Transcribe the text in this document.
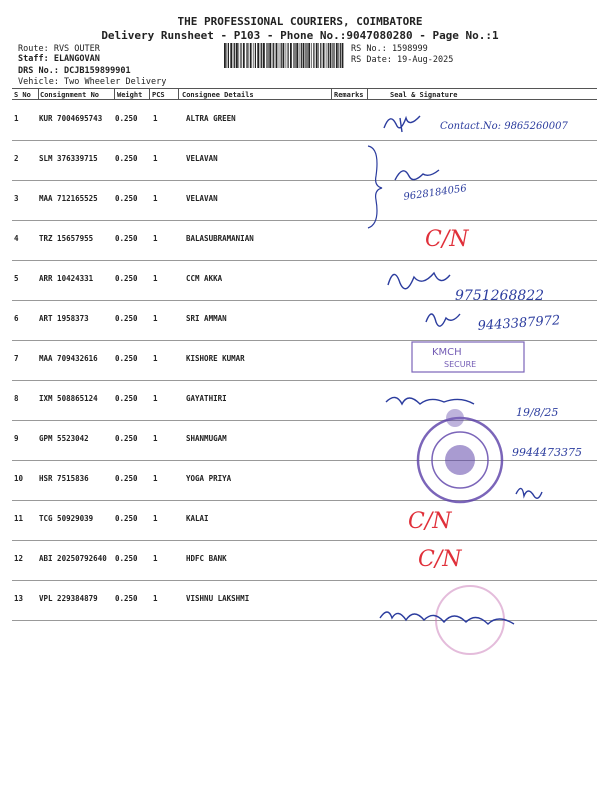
THE PROFESSIONAL COURIERS, COIMBATORE
Delivery Runsheet - P103 - Phone No.:9047080280 - Page No.:1
Route: RVS OUTER
Staff: ELANGOVAN
DRS No.: DCJB159899901
Vehicle: Two Wheeler Delivery
RS No.: 1598999
RS Date: 19-Aug-2025
S No Consignment No	Weight PCS Consignee Details	Remarks	Seal & Signature
1	KUR 7004695743 0.250 1	ALTRA GREEN
2	SLM 376339715 0.250 1	VELAVAN
3	MAA 712165525 0.250 1	VELAVAN
4	TRZ 15657955	0.250 1	BALASUBRAMANIAN
5	ARR 10424331	0.250 1	CCM AKKA
6	ART 1958373	0.250 1	SRI AMMAN
7	MAA 709432616 0.250 1	KISHORE KUMAR
8	IXM 508865124 0.250 1	GAYATHIRI
9	GPM 5523042	0.250 1	SHANMUGAM
10 HSR 7515836	0.250 1	YOGA PRIYA
11 TCG 50929039	0.250 1	KALAI
12 ABI 20250792640 0.250 1	HDFC BANK
13 VPL 229384879 0.250 1	VISHNU LAKSHMI
Contact.No: 9865260007
9628184056
C/N
C/N
C/N
9751268822
9443387972
KMCH
SECURE
19/8/25
9944473375
